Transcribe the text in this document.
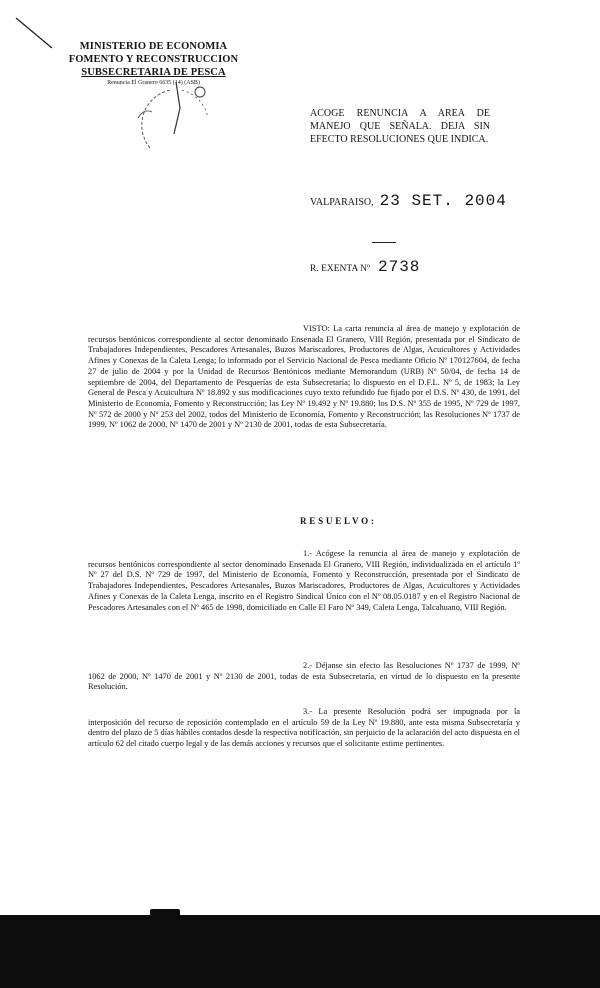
MINISTERIO DE ECONOMIA
FOMENTO Y RECONSTRUCCION
SUBSECRETARIA DE PESCA
Renuncia El Granero 6635 (14) (ASB)
ACOGE RENUNCIA A AREA DE MANEJO QUE SEÑALA. DEJA SIN EFECTO RESOLUCIONES QUE INDICA.
VALPARAISO, 23 SET. 2004
R. EXENTA Nº 2738

VISTO: La carta renuncia al área de manejo y explotación de recursos bentónicos correspondiente al sector denominado Ensenada El Granero, VIII Región, presentada por el Sindicato de Trabajadores Independientes, Pescadores Artesanales, Buzos Mariscadores, Productores de Algas, Acuicultores y Actividades Afines y Conexas de la Caleta Lenga; lo informado por el Servicio Nacional de Pesca mediante Oficio Nº 170127604, de fecha 27 de julio de 2004 y por la Unidad de Recursos Bentónicos mediante Memorandum (URB) Nº 50/04, de fecha 14 de septiembre de 2004, del Departamento de Pesquerías de esta Subsecretaría; lo dispuesto en el D.F.L. Nº 5, de 1983; la Ley General de Pesca y Acuicultura Nº 18.892 y sus modificaciones cuyo texto refundido fue fijado por el D.S. Nº 430, de 1991, del Ministerio de Economía, Fomento y Reconstrucción; las Ley Nº 19.492 y Nº 19.880; los D.S. Nº 355 de 1995, Nº 729 de 1997, Nº 572 de 2000 y Nº 253 del 2002, todos del Ministerio de Economía, Fomento y Reconstrucción; las Resoluciones Nº 1737 de 1999, Nº 1062 de 2000, Nº 1470 de 2001 y Nº 2130 de 2001, todas de esta Subsecretaría.

RESUELVO:

1.- Acógese la renuncia al área de manejo y explotación de recursos bentónicos correspondiente al sector denominado Ensenada El Granero, VIII Región, individualizada en el artículo 1º Nº 27 del D.S. Nº 729 de 1997, del Ministerio de Economía, Fomento y Reconstrucción, presentada por el Sindicato de Trabajadores Independientes, Pescadores Artesanales, Buzos Mariscadores, Productores de Algas, Acuicultores y Actividades Afines y Conexas de la Caleta Lenga, inscrito en el Registro Sindical Único con el Nº 08.05.0187 y en el Registro Nacional de Pescadores Artesanales con el Nº 465 de 1998, domiciliado en Calle El Faro Nº 349, Caleta Lenga, Talcahuano, VIII Región.

2.- Déjanse sin efecto las Resoluciones Nº 1737 de 1999, Nº 1062 de 2000, Nº 1470 de 2001 y Nº 2130 de 2001, todas de esta Subsecretaría, en virtud de lo dispuesto en la presente Resolución.

3.- La presente Resolución podrá ser impugnada por la interposición del recurso de reposición contemplado en el artículo 59 de la Ley Nº 19.880, ante esta misma Subsecretaría y dentro del plazo de 5 días hábiles contados desde la respectiva notificación, sin perjuicio de la aclaración del acto dispuesta en el artículo 62 del citado cuerpo legal y de las demás acciones y recursos que el solicitante estime pertinentes.
